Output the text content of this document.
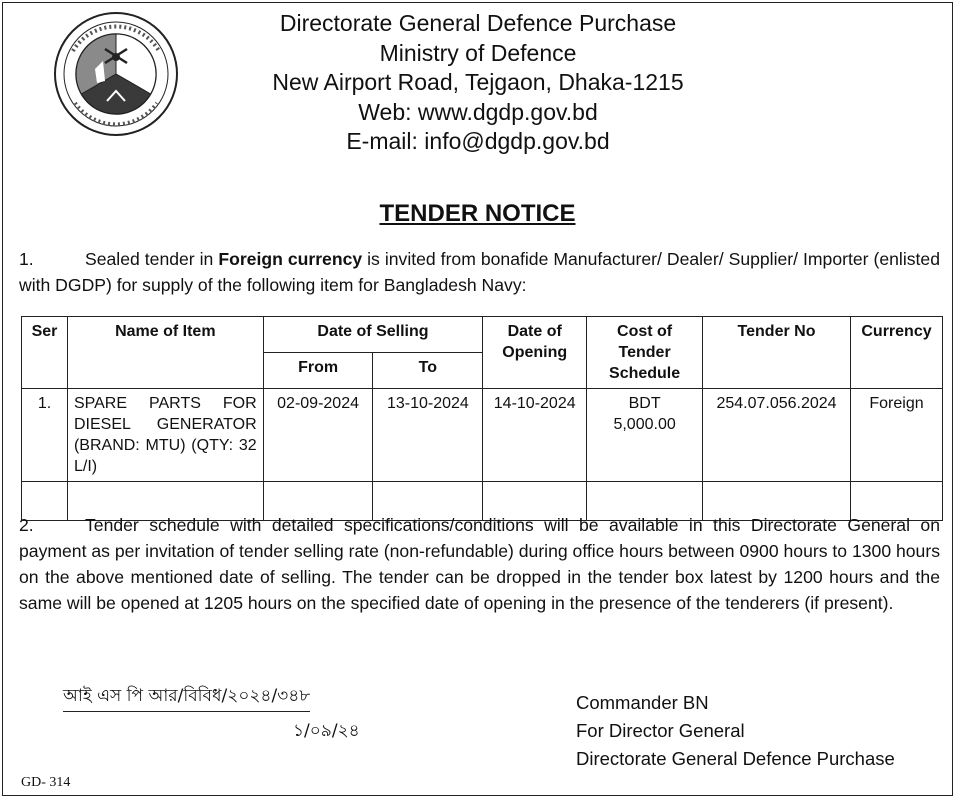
Directorate General Defence Purchase
Ministry of Defence
New Airport Road, Tejgaon, Dhaka-1215
Web: www.dgdp.gov.bd
E-mail: info@dgdp.gov.bd
TENDER NOTICE
1.	Sealed tender in Foreign currency is invited from bonafide Manufacturer/ Dealer/ Supplier/ Importer (enlisted with DGDP) for supply of the following item for Bangladesh Navy:
Ser	Name of Item	Date of Selling		Date of Opening	Cost of Tender Schedule	Tender No	Currency
		From	To				
1.	SPARE PARTS FOR DIESEL GENERATOR (BRAND: MTU) (QTY: 32 L/I)	02-09-2024	13-10-2024	14-10-2024	BDT
5,000.00	254.07.056.2024	Foreign

2.	Tender schedule with detailed specifications/conditions will be available in this Directorate General on payment as per invitation of tender selling rate (non-refundable) during office hours between 0900 hours to 1300 hours on the above mentioned date of selling. The tender can be dropped in the tender box latest by 1200 hours and the same will be opened at 1205 hours on the specified date of opening in the presence of the tenderers (if present).
আই এস পি আর/বিবিধ/২০২৪/৩৪৮
১/০৯/২৪
Commander BN
For Director General
Directorate General Defence Purchase
GD- 314
